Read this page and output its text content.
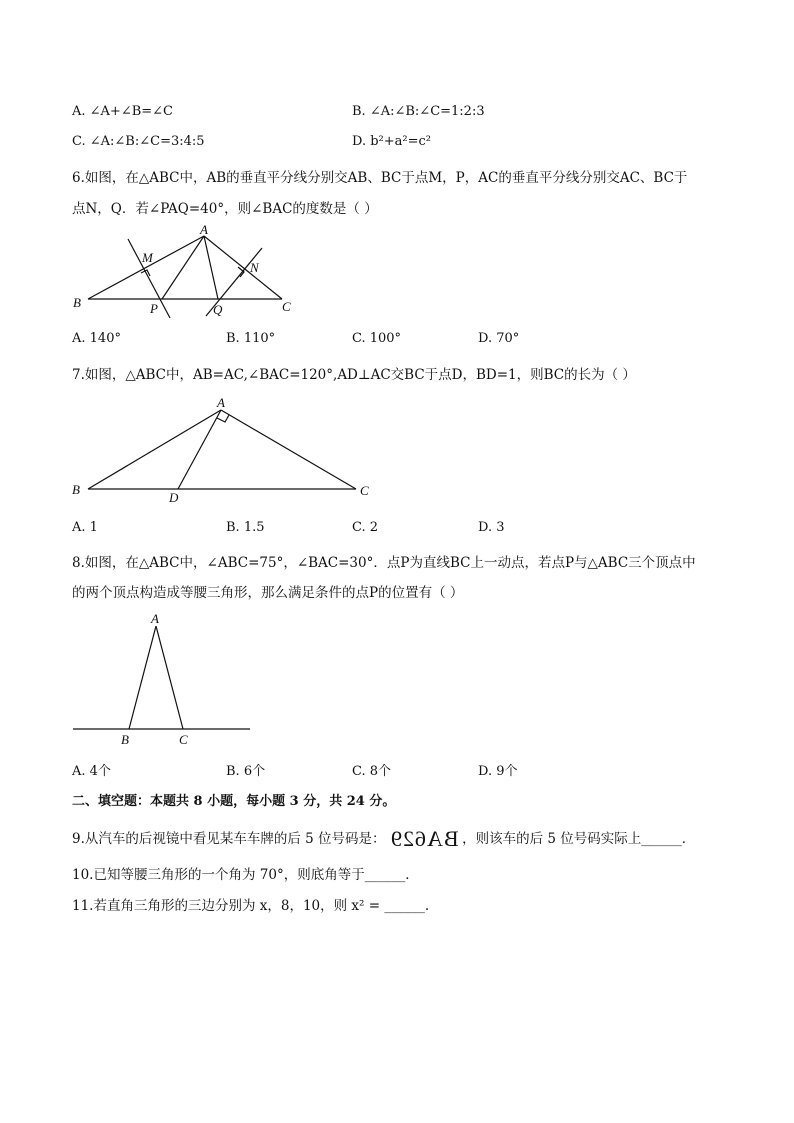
A. ∠A+∠B=∠C	B. ∠A:∠B:∠C=1:2:3
C. ∠A:∠B:∠C=3:4:5	D. b²+a²=c²
6.如图，在△ABC中，AB的垂直平分线分别交AB、BC于点M，P，AC的垂直平分线分别交AC、BC于
点N，Q．若∠PAQ=40°，则∠BAC的度数是（ ）
A
M
N
B	P	Q	C
A. 140°	B. 110°	C. 100°	D. 70°
7.如图，△ABC中，AB=AC,∠BAC=120°,AD⊥AC交BC于点D，BD=1，则BC的长为（ ）
A
B
D	C
A. 1	B. 1.5	C. 2	D. 3
8.如图，在△ABC中，∠ABC=75°，∠BAC=30°．点P为直线BC上一动点，若点P与△ABC三个顶点中
的两个顶点构造成等腰三角形，那么满足条件的点P的位置有（ ）
A
B	C
A. 4个	B. 6个	C. 8个	D. 9个
二、填空题：本题共 8 小题，每小题 3 分，共 24 分。
9.从汽车的后视镜中看见某车车牌的后 5 位号码是： BA629 ，则该车的后 5 位号码实际上______．
10.已知等腰三角形的一个角为 70°，则底角等于______．
11.若直角三角形的三边分别为 x，8，10，则 x² = ______.
